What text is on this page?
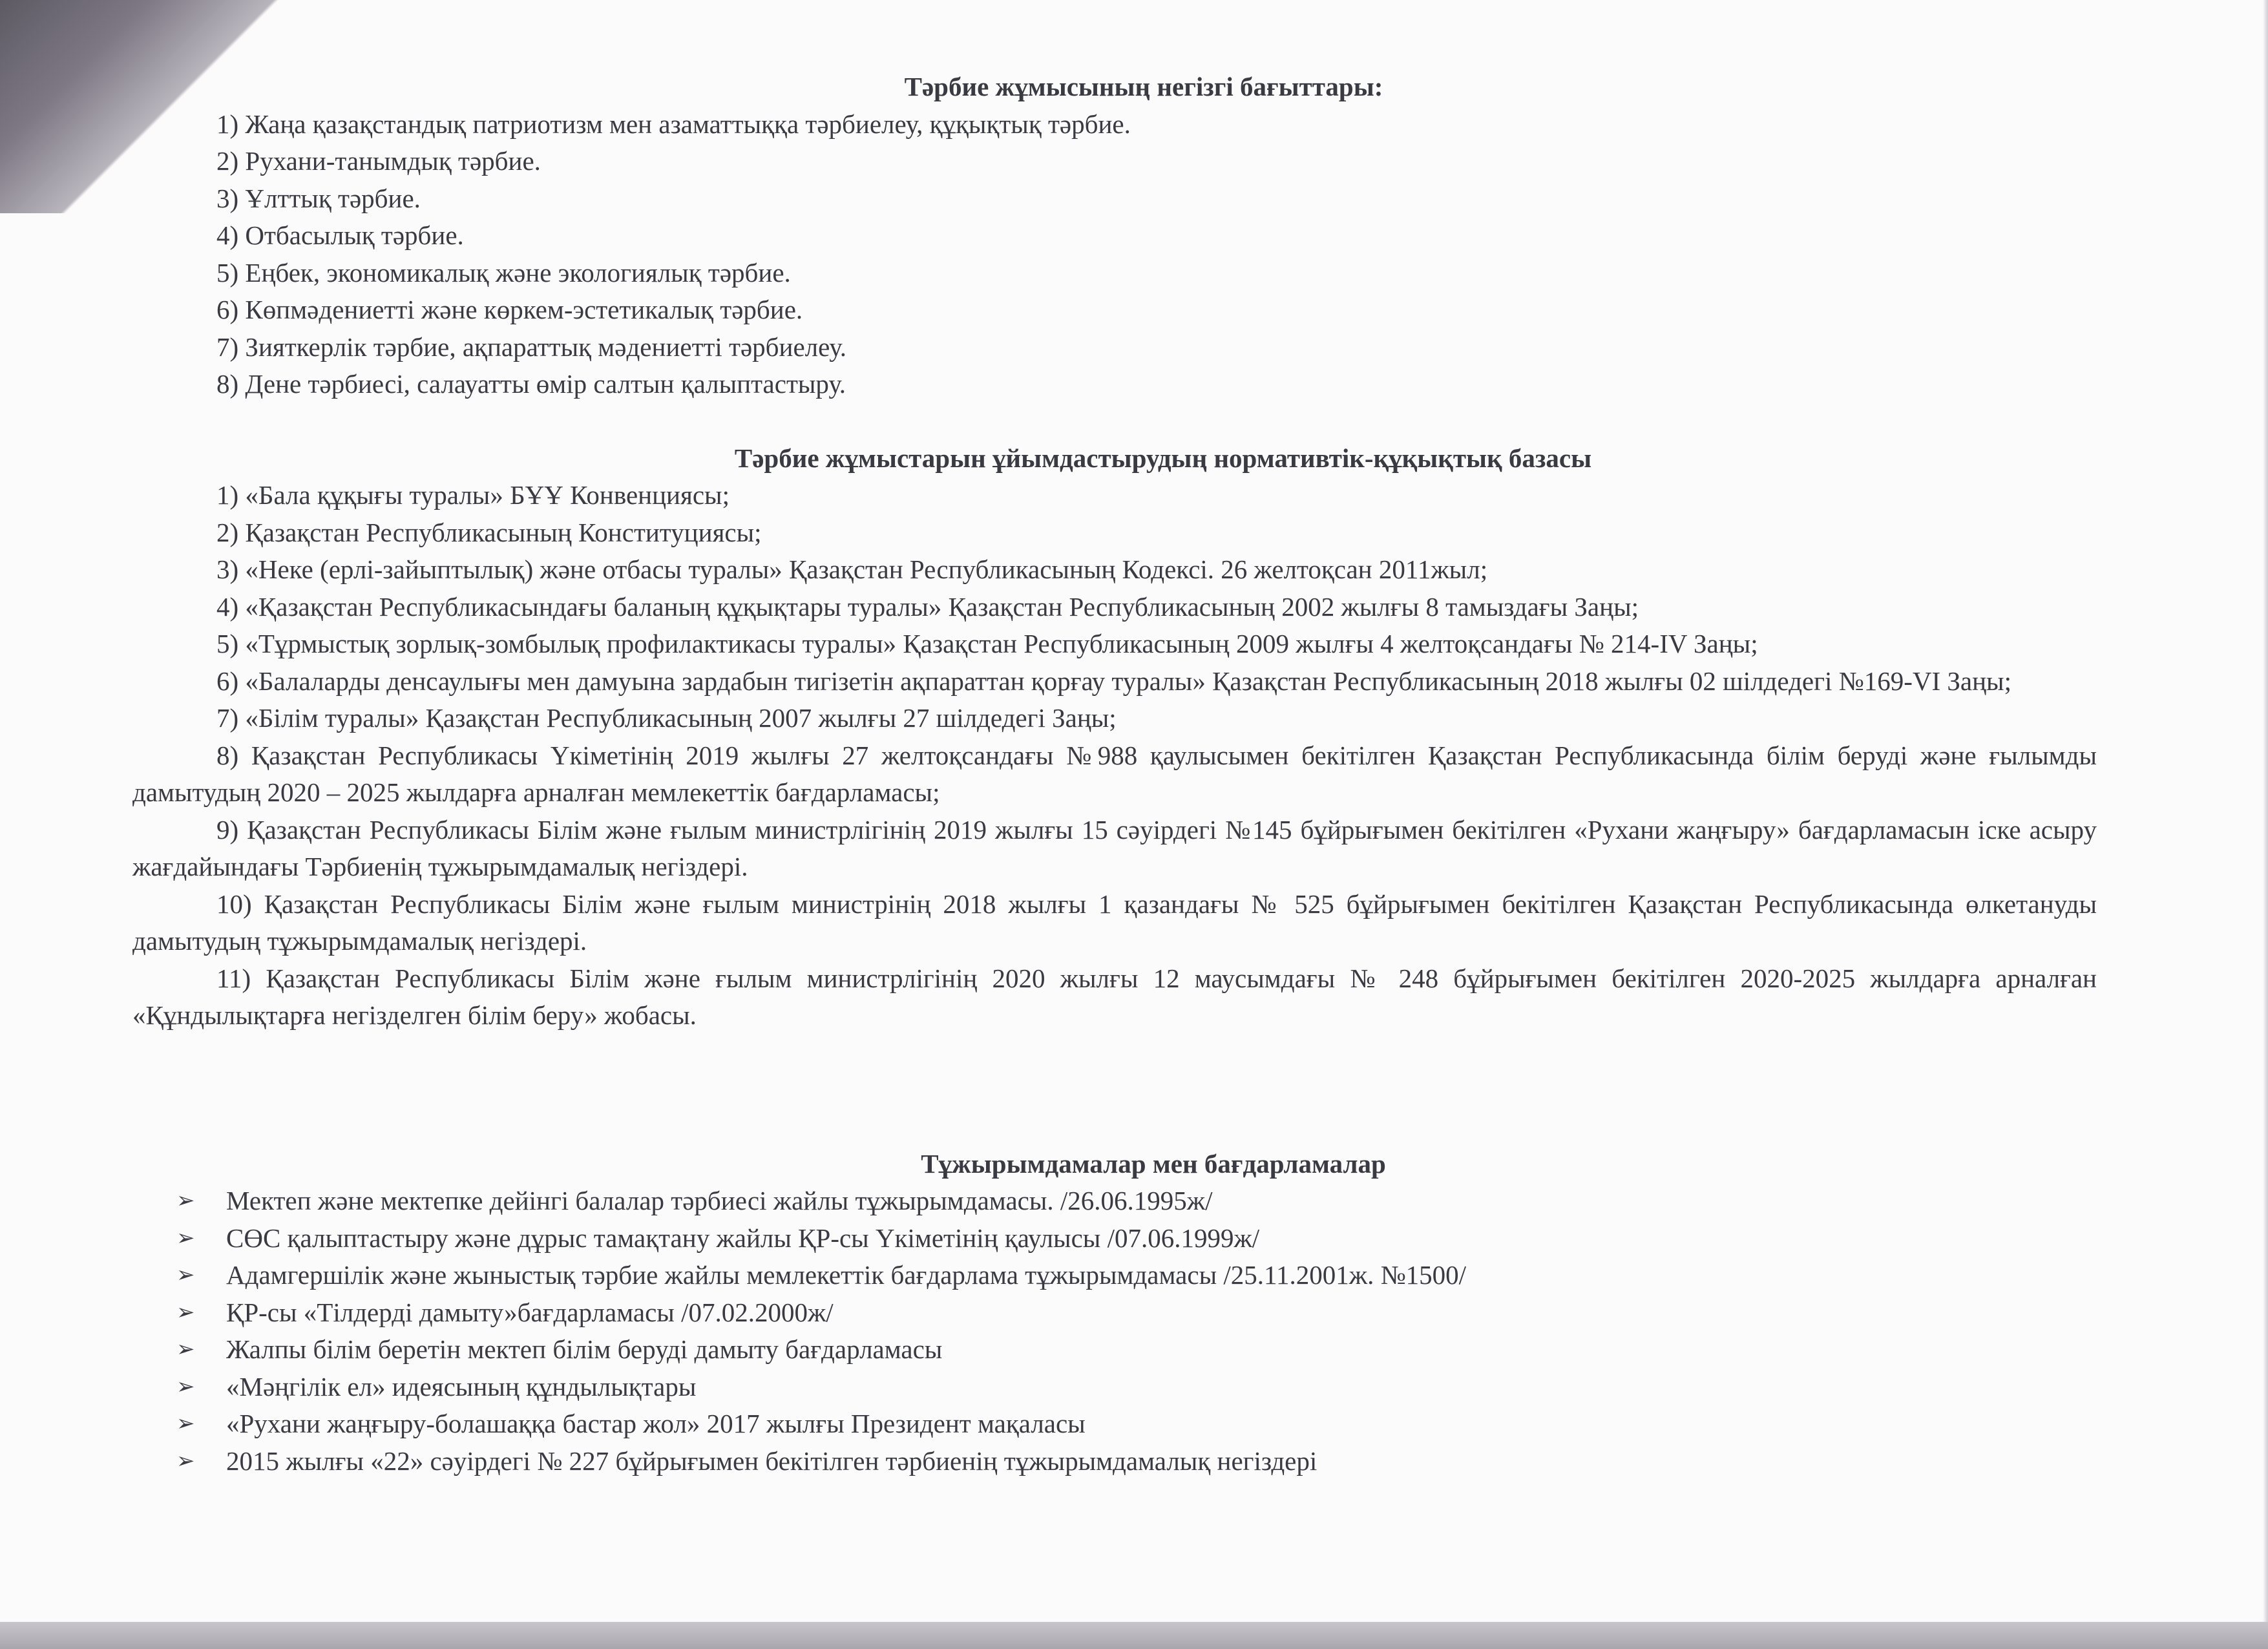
Тәрбие жұмысының негізгі бағыттары:
1) Жаңа қазақстандық патриотизм мен азаматтыққа тәрбиелеу, құқықтық тәрбие.
2) Рухани-танымдық тәрбие.
3) Ұлттық тәрбие.
4) Отбасылық тәрбие.
5) Еңбек, экономикалық және экологиялық тәрбие.
6) Көпмәдениетті және көркем-эстетикалық тәрбие.
7) Зияткерлік тәрбие, ақпараттық мәдениетті тәрбиелеу.
8) Дене тәрбиесі, салауатты өмір салтын қалыптастыру.
Тәрбие жұмыстарын ұйымдастырудың нормативтік-құқықтық базасы
1) «Бала құқығы туралы» БҰҰ Конвенциясы;
2) Қазақстан Республикасының Конституциясы;
3) «Неке (ерлі-зайыптылық) және отбасы туралы» Қазақстан Республикасының Кодексі. 26 желтоқсан 2011жыл;
4) «Қазақстан Республикасындағы баланың құқықтары туралы» Қазақстан Республикасының 2002 жылғы 8 тамыздағы Заңы;
5) «Тұрмыстық зорлық-зомбылық профилактикасы туралы» Қазақстан Республикасының 2009 жылғы 4 желтоқсандағы № 214-IV Заңы;
6) «Балаларды денсаулығы мен дамуына зардабын тигізетін ақпараттан қорғау туралы» Қазақстан Республикасының 2018 жылғы 02 шілдедегі №169-VI Заңы;
7) «Білім туралы» Қазақстан Республикасының 2007 жылғы 27 шілдедегі Заңы;
8) Қазақстан Республикасы Үкіметінің 2019 жылғы 27 желтоқсандағы №988 қаулысымен бекітілген Қазақстан Республикасында білім беруді және ғылымды дамытудың 2020 – 2025 жылдарға арналған мемлекеттік бағдарламасы;
9) Қазақстан Республикасы Білім және ғылым министрлігінің 2019 жылғы 15 сәуірдегі №145 бұйрығымен бекітілген «Рухани жаңғыру» бағдарламасын іске асыру жағдайындағы Тәрбиенің тұжырымдамалық негіздері.
10) Қазақстан Республикасы Білім және ғылым министрінің 2018 жылғы 1 қазандағы № 525 бұйрығымен бекітілген Қазақстан Республикасында өлкетануды дамытудың тұжырымдамалық негіздері.
11) Қазақстан Республикасы Білім және ғылым министрлігінің 2020 жылғы 12 маусымдағы № 248 бұйрығымен бекітілген 2020-2025 жылдарға арналған «Құндылықтарға негізделген білім беру» жобасы.
Тұжырымдамалар мен бағдарламалар
➢ Мектеп және мектепке дейінгі балалар тәрбиесі жайлы тұжырымдамасы. /26.06.1995ж/
➢ СӨС қалыптастыру және дұрыс тамақтану жайлы ҚР-сы Үкіметінің қаулысы /07.06.1999ж/
➢ Адамгершілік және жыныстық тәрбие жайлы мемлекеттік бағдарлама тұжырымдамасы /25.11.2001ж. №1500/
➢ ҚР-сы «Тілдерді дамыту»бағдарламасы /07.02.2000ж/
➢ Жалпы білім беретін мектеп білім беруді дамыту бағдарламасы
➢ «Мәңгілік ел» идеясының құндылықтары
➢ «Рухани жаңғыру-болашаққа бастар жол» 2017 жылғы Президент мақаласы
➢ 2015 жылғы «22» сәуірдегі № 227 бұйрығымен бекітілген тәрбиенің тұжырымдамалық негіздері
